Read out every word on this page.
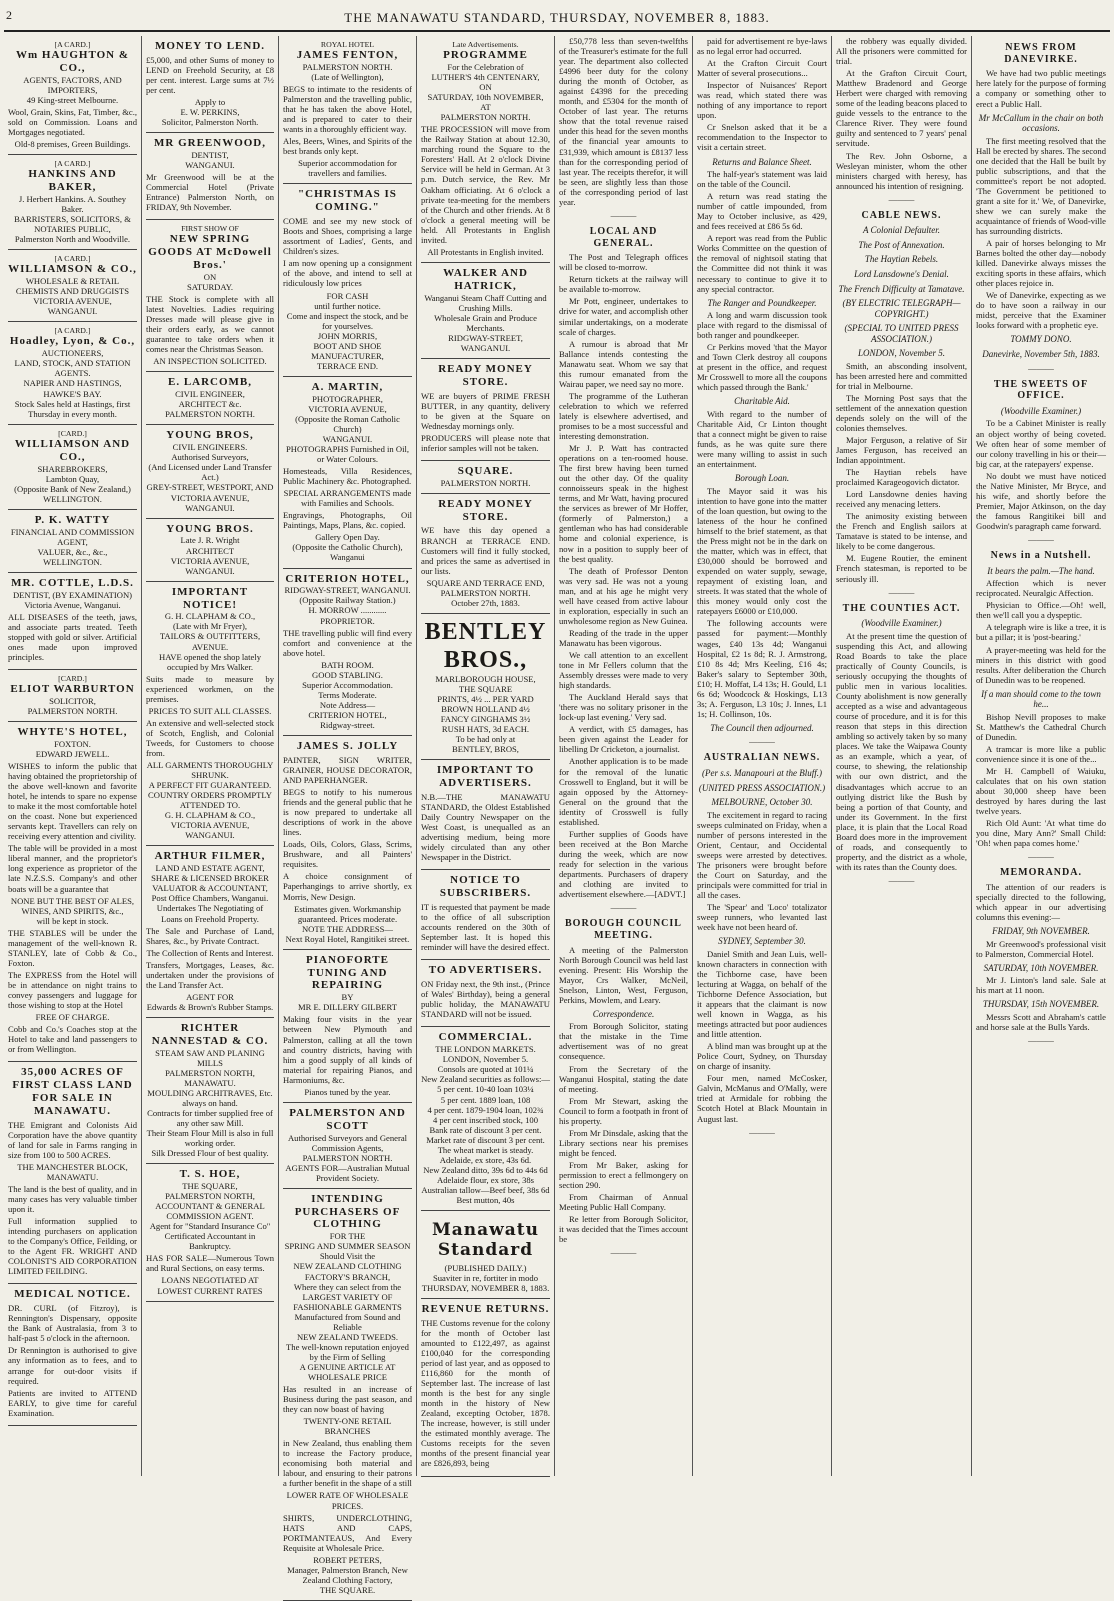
2	THE MANAWATU STANDARD, THURSDAY, NOVEMBER 8, 1883.
[A CARD.]
Wm HAUGHTON & CO.,
AGENTS, FACTORS, AND IMPORTERS,
49 King-street Melbourne.

Wool, Grain, Skins, Fat, Timber, &c., sold on Commission. Loans and Mortgages negotiated.

Old-8 premises, Green Buildings.
[A CARD.]
HANKINS AND BAKER,
J. Herbert Hankins. A. Southey Baker.
BARRISTERS, SOLICITORS, & NOTARIES PUBLIC,
Palmerston North and Woodville.
[A CARD.]
WILLIAMSON & CO.,
WHOLESALE & RETAIL
CHEMISTS AND DRUGGISTS
VICTORIA AVENUE,
WANGANUI.
[A CARD.]
Hoadley, Lyon, & Co.,
AUCTIONEERS,
LAND, STOCK, AND STATION AGENTS.
NAPIER AND HASTINGS,
HAWKE'S BAY.
Stock Sales held at Hastings, first Thursday in every month.
[CARD.]
WILLIAMSON AND CO.,
SHAREBROKERS,
Lambton Quay,
(Opposite Bank of New Zealand,)
WELLINGTON.
P. K. WATTY
FINANCIAL AND COMMISSION AGENT,
VALUER, &c., &c.,
WELLINGTON.
MR. COTTLE, L.D.S.
DENTIST, (BY EXAMINATION)
Victoria Avenue, Wanganui.

ALL DISEASES of the teeth, jaws, and associate parts treated. Teeth stopped with gold or silver. Artificial ones made upon improved principles.

[CARD.]
ELIOT WARBURTON
SOLICITOR,
PALMERSTON NORTH.
WHYTE'S HOTEL,
FOXTON.
EDWARD JEWELL.

WISHES to inform the public that having obtained the proprietorship of the above well-known and favorite hotel, he intends to spare no expense to make it the most comfortable hotel on the coast. None but experienced servants kept. Travellers can rely on receiving every attention and civility.

The table will be provided in a most liberal manner, and the proprietor's long experience as proprietor of the late N.Z.S.S. Company's and other boats will be a guarantee that

NONE BUT THE BEST OF ALES, WINES, AND SPIRITS, &c.,
will be kept in stock.

THE STABLES will be under the management of the well-known R. STANLEY, late of Cobb & Co., Foxton.

The EXPRESS from the Hotel will be in attendance on night trains to convey passengers and luggage for those wishing to stop at the Hotel

FREE OF CHARGE.

Cobb and Co.'s Coaches stop at the Hotel to take and land passengers to or from Wellington.

35,000 ACRES OF FIRST CLASS LAND FOR SALE IN MANAWATU.

THE Emigrant and Colonists Aid Corporation have the above quantity of land for sale in Farms ranging in size from 100 to 500 ACRES.

THE MANCHESTER BLOCK, MANAWATU.

The land is the best of quality, and in many cases has very valuable timber upon it.

Full information supplied to intending purchasers on application to the Company's Office, Feilding, or to the Agent FR. WRIGHT AND COLONIST'S AID CORPORATION LIMITED FEILDING.

MEDICAL NOTICE.

DR. CURL (of Fitzroy), is Rennington's Dispensary, opposite the Bank of Australasia, from 3 to half-past 5 o'clock in the afternoon.

Dr Rennington is authorised to give any information as to fees, and to arrange for out-door visits if required.

Patients are invited to ATTEND EARLY, to give time for careful Examination.

MONEY TO LEND.

£5,000, and other Sums of money to LEND on Freehold Security, at £8 per cent. interest. Large sums at 7½ per cent.

Apply to
E. W. PERKINS,
Solicitor, Palmerston North.
MR GREENWOOD,
DENTIST,
WANGANUI.

Mr Greenwood will be at the Commercial Hotel (Private Entrance) Palmerston North, on FRIDAY, 9th November.

FIRST SHOW OF
NEW SPRING GOODS AT McDowell Bros.'
ON
SATURDAY.

THE Stock is complete with all latest Novelties. Ladies requiring Dresses made will please give in their orders early, as we cannot guarantee to take orders when it comes near the Christmas Season.

AN INSPECTION SOLICITED.
E. LARCOMB,
CIVIL ENGINEER,
ARCHITECT &c.
PALMERSTON NORTH.
YOUNG BROS,
CIVIL ENGINEERS.
Authorised Surveyors,
(And Licensed under Land Transfer Act.)
GREY-STREET, WESTPORT, AND
VICTORIA AVENUE,
WANGANUI.
YOUNG BROS.
Late J. R. Wright
ARCHITECT
VICTORIA AVENUE, WANGANUI.
IMPORTANT NOTICE!
G. H. CLAPHAM & CO.,
(Late with Mr Fryer),
TAILORS & OUTFITTERS,
AVENUE.
HAVE opened the shop lately occupied by Mrs Walker.

Suits made to measure by experienced workmen, on the premises.

PRICES TO SUIT ALL CLASSES.

An extensive and well-selected stock of Scotch, English, and Colonial Tweeds, for Customers to choose from.

ALL GARMENTS THOROUGHLY SHRUNK.
A PERFECT FIT GUARANTEED.
COUNTRY ORDERS PROMPTLY ATTENDED TO.
G. H. CLAPHAM & CO.,
VICTORIA AVENUE,
WANGANUI.
ARTHUR FILMER,
LAND AND ESTATE AGENT,
SHARE & LICENSED BROKER
VALUATOR & ACCOUNTANT,
Post Office Chambers, Wanganui.
Undertakes The Negotiating of Loans on Freehold Property.

The Sale and Purchase of Land, Shares, &c., by Private Contract.

The Collection of Rents and Interest.

Transfers, Mortgages, Leases, &c. undertaken under the provisions of the Land Transfer Act.

AGENT FOR
Edwards & Brown's Rubber Stamps.
RICHTER NANNESTAD & CO.
STEAM SAW AND PLANING MILLS
PALMERSTON NORTH,
MANAWATU.
MOULDING ARCHITRAVES, Etc. always on hand.
Contracts for timber supplied free of any other saw Mill.
Their Steam Flour Mill is also in full working order.
Silk Dressed Flour of best quality.
T. S. HOE,
THE SQUARE,
PALMERSTON NORTH,
ACCOUNTANT & GENERAL COMMISSION AGENT.
Agent for "Standard Insurance Co"
Certificated Accountant in Bankruptcy.

HAS FOR SALE—Numerous Town and Rural Sections, on easy terms.

LOANS NEGOTIATED AT LOWEST CURRENT RATES
ROYAL HOTEL
JAMES FENTON,
PALMERSTON NORTH.
(Late of Wellington),

BEGS to intimate to the residents of Palmerston and the travelling public, that he has taken the above Hotel, and is prepared to cater to their wants in a thoroughly efficient way.

Ales, Beers, Wines, and Spirits of the best brands only kept.

Superior accommodation for travellers and families.
"CHRISTMAS IS COMING."

COME and see my new stock of Boots and Shoes, comprising a large assortment of Ladies', Gents, and Children's sizes.

I am now opening up a consignment of the above, and intend to sell at ridiculously low prices

FOR CASH
until further notice.
Come and inspect the stock, and be for yourselves.
JOHN MORRIS,
BOOT AND SHOE MANUFACTURER,
TERRACE END.
A. MARTIN,
PHOTOGRAPHER,
VICTORIA AVENUE,
(Opposite the Roman Catholic Church)
WANGANUI.
PHOTOGRAPHS Furnished in Oil, or Water Colours.

Homesteads, Villa Residences, Public Machinery &c. Photographed.

SPECIAL ARRANGEMENTS made with Families and Schools.

Engravings, Photographs, Oil Paintings, Maps, Plans, &c. copied.

Gallery Open Day.
(Opposite the Catholic Church), Wanganui
CRITERION HOTEL,
RIDGWAY-STREET, WANGANUI.
(Opposite Railway Station.)
H. MORROW ............ PROPRIETOR.

THE travelling public will find every comfort and convenience at the above hotel.

BATH ROOM.
GOOD STABLING.
Superior Accommodation.
Terms Moderate.
Note Address—
CRITERION HOTEL,
Ridgway-street.
JAMES S. JOLLY

PAINTER, SIGN WRITER, GRAINER, HOUSE DECORATOR, AND PAPERHANGER.

BEGS to notify to his numerous friends and the general public that he is now prepared to undertake all descriptions of work in the above lines.

Loads, Oils, Colors, Glass, Scrims, Brushware, and all Painters' requisites.

A choice consignment of Paperhangings to arrive shortly, ex Morris, New Design.

Estimates given. Workmanship guaranteed. Prices moderate.
NOTE THE ADDRESS—
Next Royal Hotel, Rangitikei street.
PIANOFORTE TUNING AND REPAIRING
BY
MR E. DILLERY GILBERT

Making four visits in the year between New Plymouth and Palmerston, calling at all the town and country districts, having with him a good supply of all kinds of material for repairing Pianos, and Harmoniums, &c.

Pianos tuned by the year.
PALMERSTON AND SCOTT
Authorised Surveyors and General Commission Agents,
PALMERSTON NORTH.
AGENTS FOR—Australian Mutual Provident Society.
INTENDING PURCHASERS OF CLOTHING
FOR THE
SPRING AND SUMMER SEASON
Should Visit the
NEW ZEALAND CLOTHING FACTORY'S BRANCH,
Where they can select from the
LARGEST VARIETY OF FASHIONABLE GARMENTS
Manufactured from Sound and Reliable
NEW ZEALAND TWEEDS.
The well-known reputation enjoyed by the Firm of Selling
A GENUINE ARTICLE AT WHOLESALE PRICE

Has resulted in an increase of Business during the past season, and they can now boast of having

TWENTY-ONE RETAIL BRANCHES

in New Zealand, thus enabling them to increase the Factory produce, economising both material and labour, and ensuring to their patrons a further benefit in the shape of a still

LOWER RATE OF WHOLESALE PRICES.

SHIRTS, UNDERCLOTHING, HATS AND CAPS, PORTMANTEAUS, And Every Requisite at Wholesale Price.

ROBERT PETERS,
Manager, Palmerston Branch, New Zealand Clothing Factory,
THE SQUARE.
Late Advertisements.
PROGRAMME
For the Celebration of
LUTHER'S 4th CENTENARY,
ON
SATURDAY, 10th NOVEMBER,
AT
PALMERSTON NORTH.

THE PROCESSION will move from the Railway Station at about 12.30, marching round the Square to the Foresters' Hall. At 2 o'clock Divine Service will be held in German. At 3 p.m. Dutch service, the Rev. Mr Oakham officiating. At 6 o'clock a private tea-meeting for the members of the Church and other friends. At 8 o'clock a general meeting will be held. All Protestants in English invited.

All Protestants in English invited.
WALKER AND HATRICK,
Wanganui Steam Chaff Cutting and Crushing Mills.
Wholesale Grain and Produce Merchants.
RIDGWAY-STREET,
WANGANUI.
READY MONEY STORE.

WE are buyers of PRIME FRESH BUTTER, in any quantity, delivery to be given at the Square on Wednesday mornings only.

PRODUCERS will please note that inferior samples will not be taken.

SQUARE.
PALMERSTON NORTH.
READY MONEY STORE.

WE have this day opened a BRANCH at TERRACE END. Customers will find it fully stocked, and prices the same as advertised in our lists.

SQUARE AND TERRACE END,
PALMERSTON NORTH.
October 27th, 1883.
BENTLEY BROS.,
MARLBOROUGH HOUSE,
THE SQUARE
PRINTS, 4½ ... PER YARD
BROWN HOLLAND 4½
FANCY GINGHAMS 3½
RUSH HATS, 3d EACH.
To be had only at
BENTLEY, BROS,
IMPORTANT TO ADVERTISERS.

N.B.—THE MANAWATU STANDARD, the Oldest Established Daily Country Newspaper on the West Coast, is unequalled as an advertising medium, being more widely circulated than any other Newspaper in the District.

NOTICE TO SUBSCRIBERS.

IT is requested that payment be made to the office of all subscription accounts rendered on the 30th of September last. It is hoped this reminder will have the desired effect.

TO ADVERTISERS.

ON Friday next, the 9th inst., (Prince of Wales' Birthday), being a general public holiday, the MANAWATU STANDARD will not be issued.

COMMERCIAL.
THE LONDON MARKETS.
LONDON, November 5.
Consols are quoted at 101¼
New Zealand securities as follows:—
5 per cent. 10-40 loan 103¼
5 per cent. 1889 loan, 108
4 per cent. 1879-1904 loan, 102¾
4 per cent inscribed stock, 100
Bank rate of discount 3 per cent.
Market rate of discount 3 per cent.
The wheat market is steady.
Adelaide, ex store, 43s 6d.
New Zealand ditto, 39s 6d to 44s 6d
Adelaide flour, ex store, 38s
Australian tallow—Beef beef, 38s 6d
Best mutton, 40s
Manawatu Standard
(PUBLISHED DAILY.)
Suaviter in re, fortiter in modo
THURSDAY, NOVEMBER 8, 1883.
REVENUE RETURNS.

THE Customs revenue for the colony for the month of October last amounted to £122,497, as against £100,040 for the corresponding period of last year, and as opposed to £116,860 for the month of September last. The increase of last month is the best for any single month in the history of New Zealand, excepting October, 1878. The increase, however, is still under the estimated monthly average. The Customs receipts for the seven months of the present financial year are £826,893, being

£50,778 less than seven-twelfths of the Treasurer's estimate for the full year. The department also collected £4996 beer duty for the colony during the month of October, as against £4398 for the preceding month, and £5304 for the month of October of last year. The returns show that the total revenue raised under this head for the seven months of the financial year amounts to £31,939, which amount is £8137 less than for the corresponding period of last year. The receipts therefor, it will be seen, are slightly less than those of the corresponding period of last year.
———
LOCAL AND GENERAL.
The Post and Telegraph offices will be closed to-morrow.
Return tickets at the railway will be available to-morrow.
Mr Pott, engineer, undertakes to drive for water, and accomplish other similar undertakings, on a moderate scale of charges.
A rumour is abroad that Mr Ballance intends contesting the Manawatu seat. Whom we say that this rumour emanated from the Wairau paper, we need say no more.
The programme of the Lutheran celebration to which we referred lately is elsewhere advertised, and promises to be a most successful and interesting demonstration.
Mr J. P. Watt has contracted operations on a ten-roomed house. The first brew having been turned out the other day. Of the quality connoisseurs speak in the highest terms, and Mr Watt, having procured the services as brewer of Mr Hoffer, (formerly of Palmerston,) a gentleman who has had considerable home and colonial experience, is now in a position to supply beer of the best quality.
The death of Professor Denton was very sad. He was not a young man, and at his age he might very well have ceased from active labour in exploration, especially in such an unwholesome region as New Guinea.
Reading of the trade in the upper Manawatu has been vigorous.
We call attention to an excellent tone in Mr Fellers column that the Assembly dresses were made to very high standards.
The Auckland Herald says that 'there was no solitary prisoner in the lock-up last evening.' Very sad.
A verdict, with £5 damages, has been given against the Leader for libelling Dr Cricketon, a journalist.
Another application is to be made for the removal of the lunatic Crosswell to England, but it will be again opposed by the Attorney-General on the ground that the identity of Crosswell is fully established.
Further supplies of Goods have been received at the Bon Marche during the week, which are now ready for selection in the various departments. Purchasers of drapery and clothing are invited to advertisement elsewhere.—[ADVT.]
———
BOROUGH COUNCIL MEETING.
A meeting of the Palmerston North Borough Council was held last evening. Present: His Worship the Mayor, Crs Walker, McNeil, Snelson, Linton, West, Ferguson, Perkins, Mowlem, and Leary.
Correspondence.
From Borough Solicitor, stating that the mistake in the Time advertisement was of no great consequence.
From the Secretary of the Wanganui Hospital, stating the date of meeting.
From Mr Stewart, asking the Council to form a footpath in front of his property.
From Mr Dinsdale, asking that the Library sections near his premises might be fenced.
From Mr Baker, asking for permission to erect a fellmongery on section 290.
From Chairman of Annual Meeting Public Hall Company.
Re letter from Borough Solicitor, it was decided that the Times account be
———
paid for advertisement re bye-laws as no legal error had occurred.
At the Crafton Circuit Court Matter of several prosecutions...
Inspector of Nuisances' Report was read, which stated there was nothing of any importance to report upon.
Cr Snelson asked that it be a recommendation to the Inspector to visit a certain street.
Returns and Balance Sheet.
The half-year's statement was laid on the table of the Council.
A return was read stating the number of cattle impounded, from May to October inclusive, as 429, and fees received at £86 5s 6d.
A report was read from the Public Works Committee on the question of the removal of nightsoil stating that the Committee did not think it was necessary to continue to give it to any special contractor.
The Ranger and Poundkeeper.
A long and warm discussion took place with regard to the dismissal of both ranger and poundkeeper.
Cr Perkins moved 'that the Mayor and Town Clerk destroy all coupons at present in the office, and request Mr Crosswell to more all the coupons which passed through the Bank.'
Charitable Aid.
With regard to the number of Charitable Aid, Cr Linton thought that a connect might be given to raise funds, as he was quite sure there were many willing to assist in such an entertainment.
Borough Loan.
The Mayor said it was his intention to have gone into the matter of the loan question, but owing to the lateness of the hour he confined himself to the brief statement, as that the Press might not be in the dark on the matter, which was in effect, that £30,000 should be borrowed and expended on water supply, sewage, repayment of existing loan, and streets. It was stated that the whole of this money would only cost the ratepayers £6000 or £10,000.
The following accounts were passed for payment:—Monthly wages, £40 13s 4d; Wanganui Hospital, £2 1s 8d; R. J. Armstrong, £10 8s 4d; Mrs Keeling, £16 4s; Baker's salary to September 30th, £10; H. Moffat, L4 13s; H. Gould, L1 6s 6d; Woodcock & Hoskings, L13 3s; A. Ferguson, L3 10s; J. Innes, L1 1s; H. Collinson, 10s.
The Council then adjourned.
———
AUSTRALIAN NEWS.
(Per s.s. Manapouri at the Bluff.)
(UNITED PRESS ASSOCIATION.)
MELBOURNE, October 30.
The excitement in regard to racing sweeps culminated on Friday, when a number of persons interested in the Orient, Centaur, and Occidental sweeps were arrested by detectives. The prisoners were brought before the Court on Saturday, and the principals were committed for trial in all the cases.
The 'Spear' and 'Loco' totalizator sweep runners, who levanted last week have not been heard of.
SYDNEY, September 30.
Daniel Smith and Jean Luis, well-known characters in connection with the Tichborne case, have been lecturing at Wagga, on behalf of the Tichborne Defence Association, but it appears that the claimant is now well known in Wagga, as his meetings attracted but poor audiences and little attention.
A blind man was brought up at the Police Court, Sydney, on Thursday on charge of insanity.
Four men, named McCosker, Galvin, McManus and O'Mally, were tried at Armidale for robbing the Scotch Hotel at Black Mountain in August last.
———
the robbery was equally divided. All the prisoners were committed for trial.
At the Grafton Circuit Court, Matthew Bradenord and George Herbert were charged with removing some of the leading beacons placed to guide vessels to the entrance to the Clarence River. They were found guilty and sentenced to 7 years' penal servitude.
The Rev. John Osborne, a Wesleyan minister, whom the other ministers charged with heresy, has announced his intention of resigning.
———
CABLE NEWS.
A Colonial Defaulter.
The Post of Annexation.
The Haytian Rebels.
Lord Lansdowne's Denial.
The French Difficulty at Tamatave.
(BY ELECTRIC TELEGRAPH—COPYRIGHT.)
(SPECIAL TO UNITED PRESS ASSOCIATION.)
LONDON, November 5.
Smith, an absconding insolvent, has been arrested here and committed for trial in Melbourne.
The Morning Post says that the settlement of the annexation question depends solely on the will of the colonies themselves.
Major Ferguson, a relative of Sir James Ferguson, has received an Indian appointment.
The Haytian rebels have proclaimed Karageogovich dictator.
Lord Lansdowne denies having received any menacing letters.
The animosity existing between the French and English sailors at Tamatave is stated to be intense, and likely to be come dangerous.
M. Eugene Routier, the eminent French statesman, is reported to be seriously ill.
———
THE COUNTIES ACT.
(Woodville Examiner.)
At the present time the question of suspending this Act, and allowing Road Boards to take the place practically of County Councils, is seriously occupying the thoughts of public men in various localities. County abolishment is now generally accepted as a wise and advantageous course of procedure, and it is for this reason that steps in this direction ambling so actively taken by so many places. We take the Waipawa County as an example, which a year, of course, to shewing, the relationship with our own district, and the disadvantages which accrue to an outlying district like the Bush by being a portion of that County, and under its Government. In the first place, it is plain that the Local Road Board does more in the improvement of roads, and consequently to property, and the district as a whole, with its rates than the County does.
———
NEWS FROM DANEVIRKE.
We have had two public meetings here lately for the purpose of forming a company or something other to erect a Public Hall.
Mr McCallum in the chair on both occasions.
The first meeting resolved that the Hall be erected by shares. The second one decided that the Hall be built by public subscriptions, and that the committee's report be not adopted. 'The Government be petitioned to grant a site for it.' We, of Danevirke, shew we can surely make the acquaintance of friends of Wood-ville has surrounding districts.
A pair of horses belonging to Mr Barnes bolted the other day—nobody killed. Danevirke always misses the exciting sports in these affairs, which other places rejoice in.
We of Danevirke, expecting as we do to have soon a railway in our midst, perceive that the Examiner looks forward with a prophetic eye.
TOMMY DONO.
Danevirke, November 5th, 1883.
———
THE SWEETS OF OFFICE.
(Woodville Examiner.)
To be a Cabinet Minister is really an object worthy of being coveted. We often hear of some member of our colony travelling in his or their—big car, at the ratepayers' expense.
No doubt we must have noticed the Native Minister, Mr Bryce, and his wife, and shortly before the Premier, Major Atkinson, on the day the famous Rangitikei bill and Goodwin's paragraph came forward.
———
News in a Nutshell.
It bears the palm.—The hand.
Affection which is never reciprocated. Neuralgic Affection.
Physician to Office.—Oh! well, then we'll call you a dyspeptic.
A telegraph wire is like a tree, it is but a pillar; it is 'post-bearing.'
A prayer-meeting was held for the miners in this district with good results. After deliberation the Church of Dunedin was to be reopened.
If a man should come to the town he...
Bishop Nevill proposes to make St. Matthew's the Cathedral Church of Dunedin.
A tramcar is more like a public convenience since it is one of the...
Mr H. Campbell of Waiuku, calculates that on his own station about 30,000 sheep have been destroyed by hares during the last twelve years.
Rich Old Aunt: 'At what time do you dine, Mary Ann?' Small Child: 'Oh! when papa comes home.'
———
MEMORANDA.
The attention of our readers is specially directed to the following, which appear in our advertising columns this evening:—
FRIDAY, 9th NOVEMBER.
Mr Greenwood's professional visit to Palmerston, Commercial Hotel.
SATURDAY, 10th NOVEMBER.
Mr J. Linton's land sale. Sale at his mart at 11 noon.
THURSDAY, 15th NOVEMBER.
Messrs Scott and Abraham's cattle and horse sale at the Bulls Yards.
———
